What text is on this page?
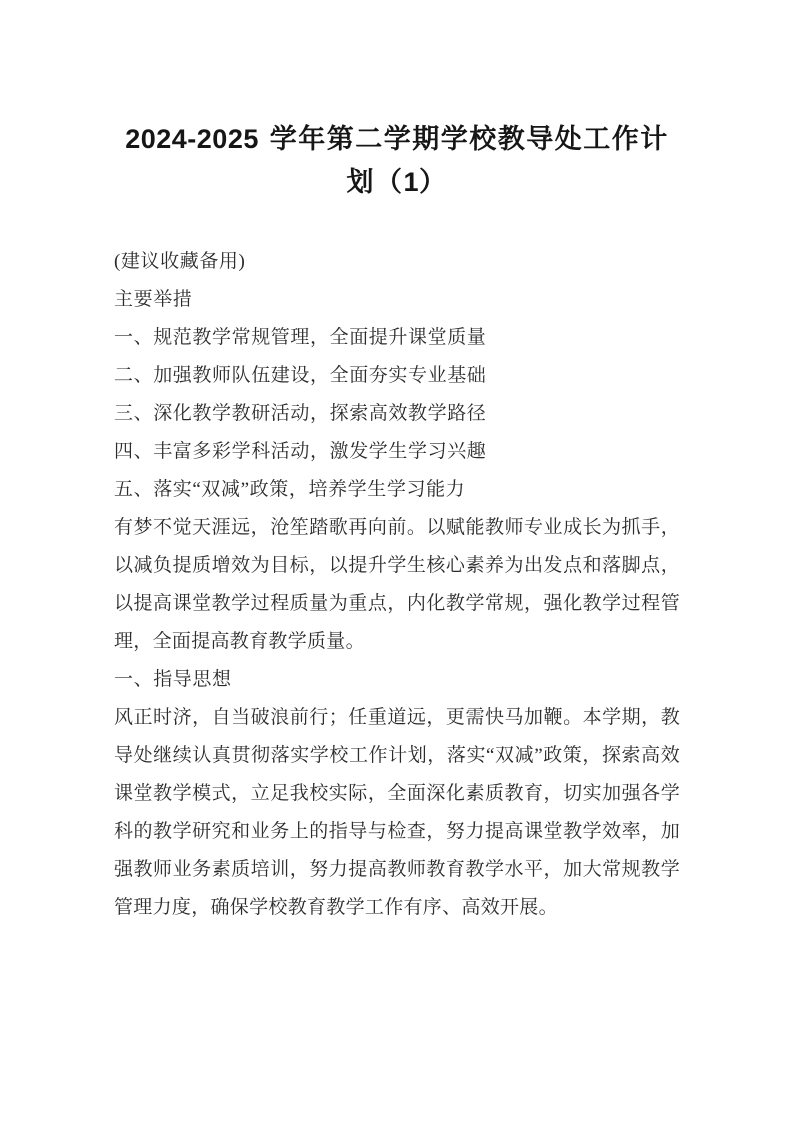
2024-2025 学年第二学期学校教导处工作计划（1）

(建议收藏备用)

主要举措

一、规范教学常规管理，全面提升课堂质量
二、加强教师队伍建设，全面夯实专业基础
三、深化教学教研活动，探索高效教学路径
四、丰富多彩学科活动，激发学生学习兴趣
五、落实“双减”政策，培养学生学习能力

有梦不觉天涯远，沧笙踏歌再向前。以赋能教师专业成长为抓手，以减负提质增效为目标，以提升学生核心素养为出发点和落脚点，以提高课堂教学过程质量为重点，内化教学常规，强化教学过程管理，全面提高教育教学质量。

一、指导思想

风正时济，自当破浪前行；任重道远，更需快马加鞭。本学期，教导处继续认真贯彻落实学校工作计划，落实“双减”政策，探索高效课堂教学模式，立足我校实际，全面深化素质教育，切实加强各学科的教学研究和业务上的指导与检查，努力提高课堂教学效率，加强教师业务素质培训，努力提高教师教育教学水平，加大常规教学管理力度，确保学校教育教学工作有序、高效开展。
